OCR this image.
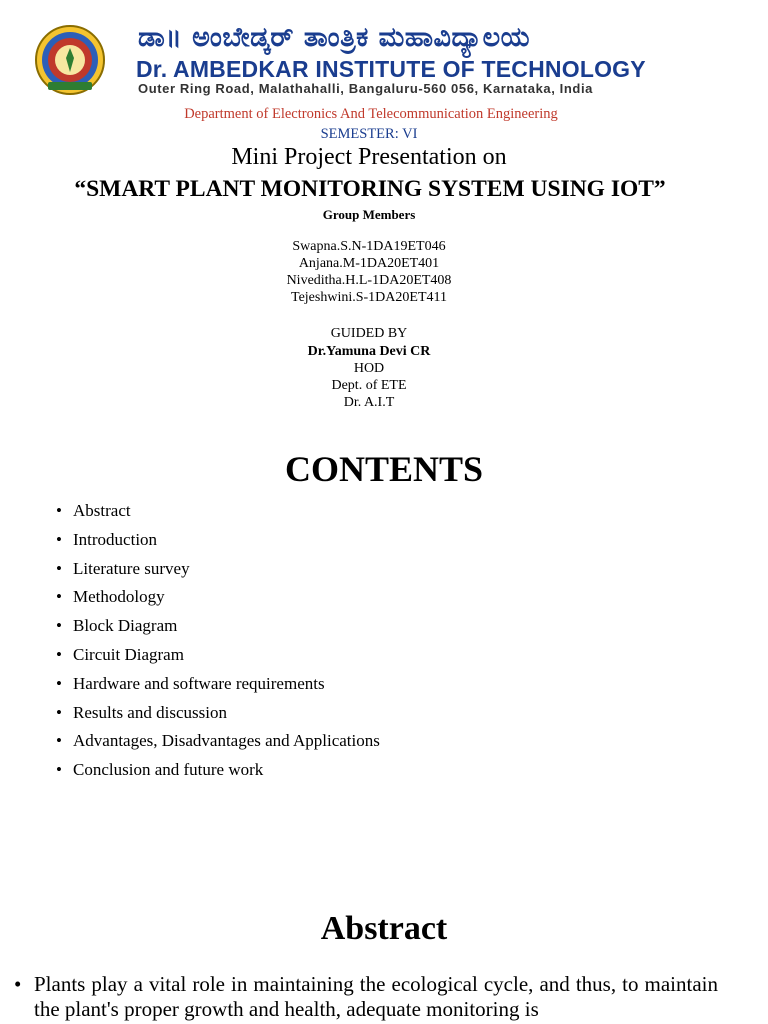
ಡಾ॥ ಅಂಬೇಡ್ಕರ್ ತಾಂತ್ರಿಕ ಮಹಾವಿದ್ಯಾಲಯ
Dr. AMBEDKAR INSTITUTE OF TECHNOLOGY
Outer Ring Road, Malathahalli, Bangaluru-560 056, Karnataka, India
Department of Electronics And Telecommunication Engineering
SEMESTER: VI
Mini Project Presentation on
“SMART PLANT MONITORING SYSTEM USING IOT”
Group Members
Swapna.S.N-1DA19ET046
Anjana.M-1DA20ET401
Niveditha.H.L-1DA20ET408
Tejeshwini.S-1DA20ET411
GUIDED BY
Dr.Yamuna Devi CR
HOD
Dept. of ETE
Dr. A.I.T
CONTENTS
• Abstract
• Introduction
• Literature survey
• Methodology
• Block Diagram
• Circuit Diagram
• Hardware and software requirements
• Results and discussion
• Advantages, Disadvantages and Applications
• Conclusion and future work
Abstract
• Plants play a vital role in maintaining the ecological cycle, and thus, to maintain the plant's proper growth and health, adequate monitoring is
